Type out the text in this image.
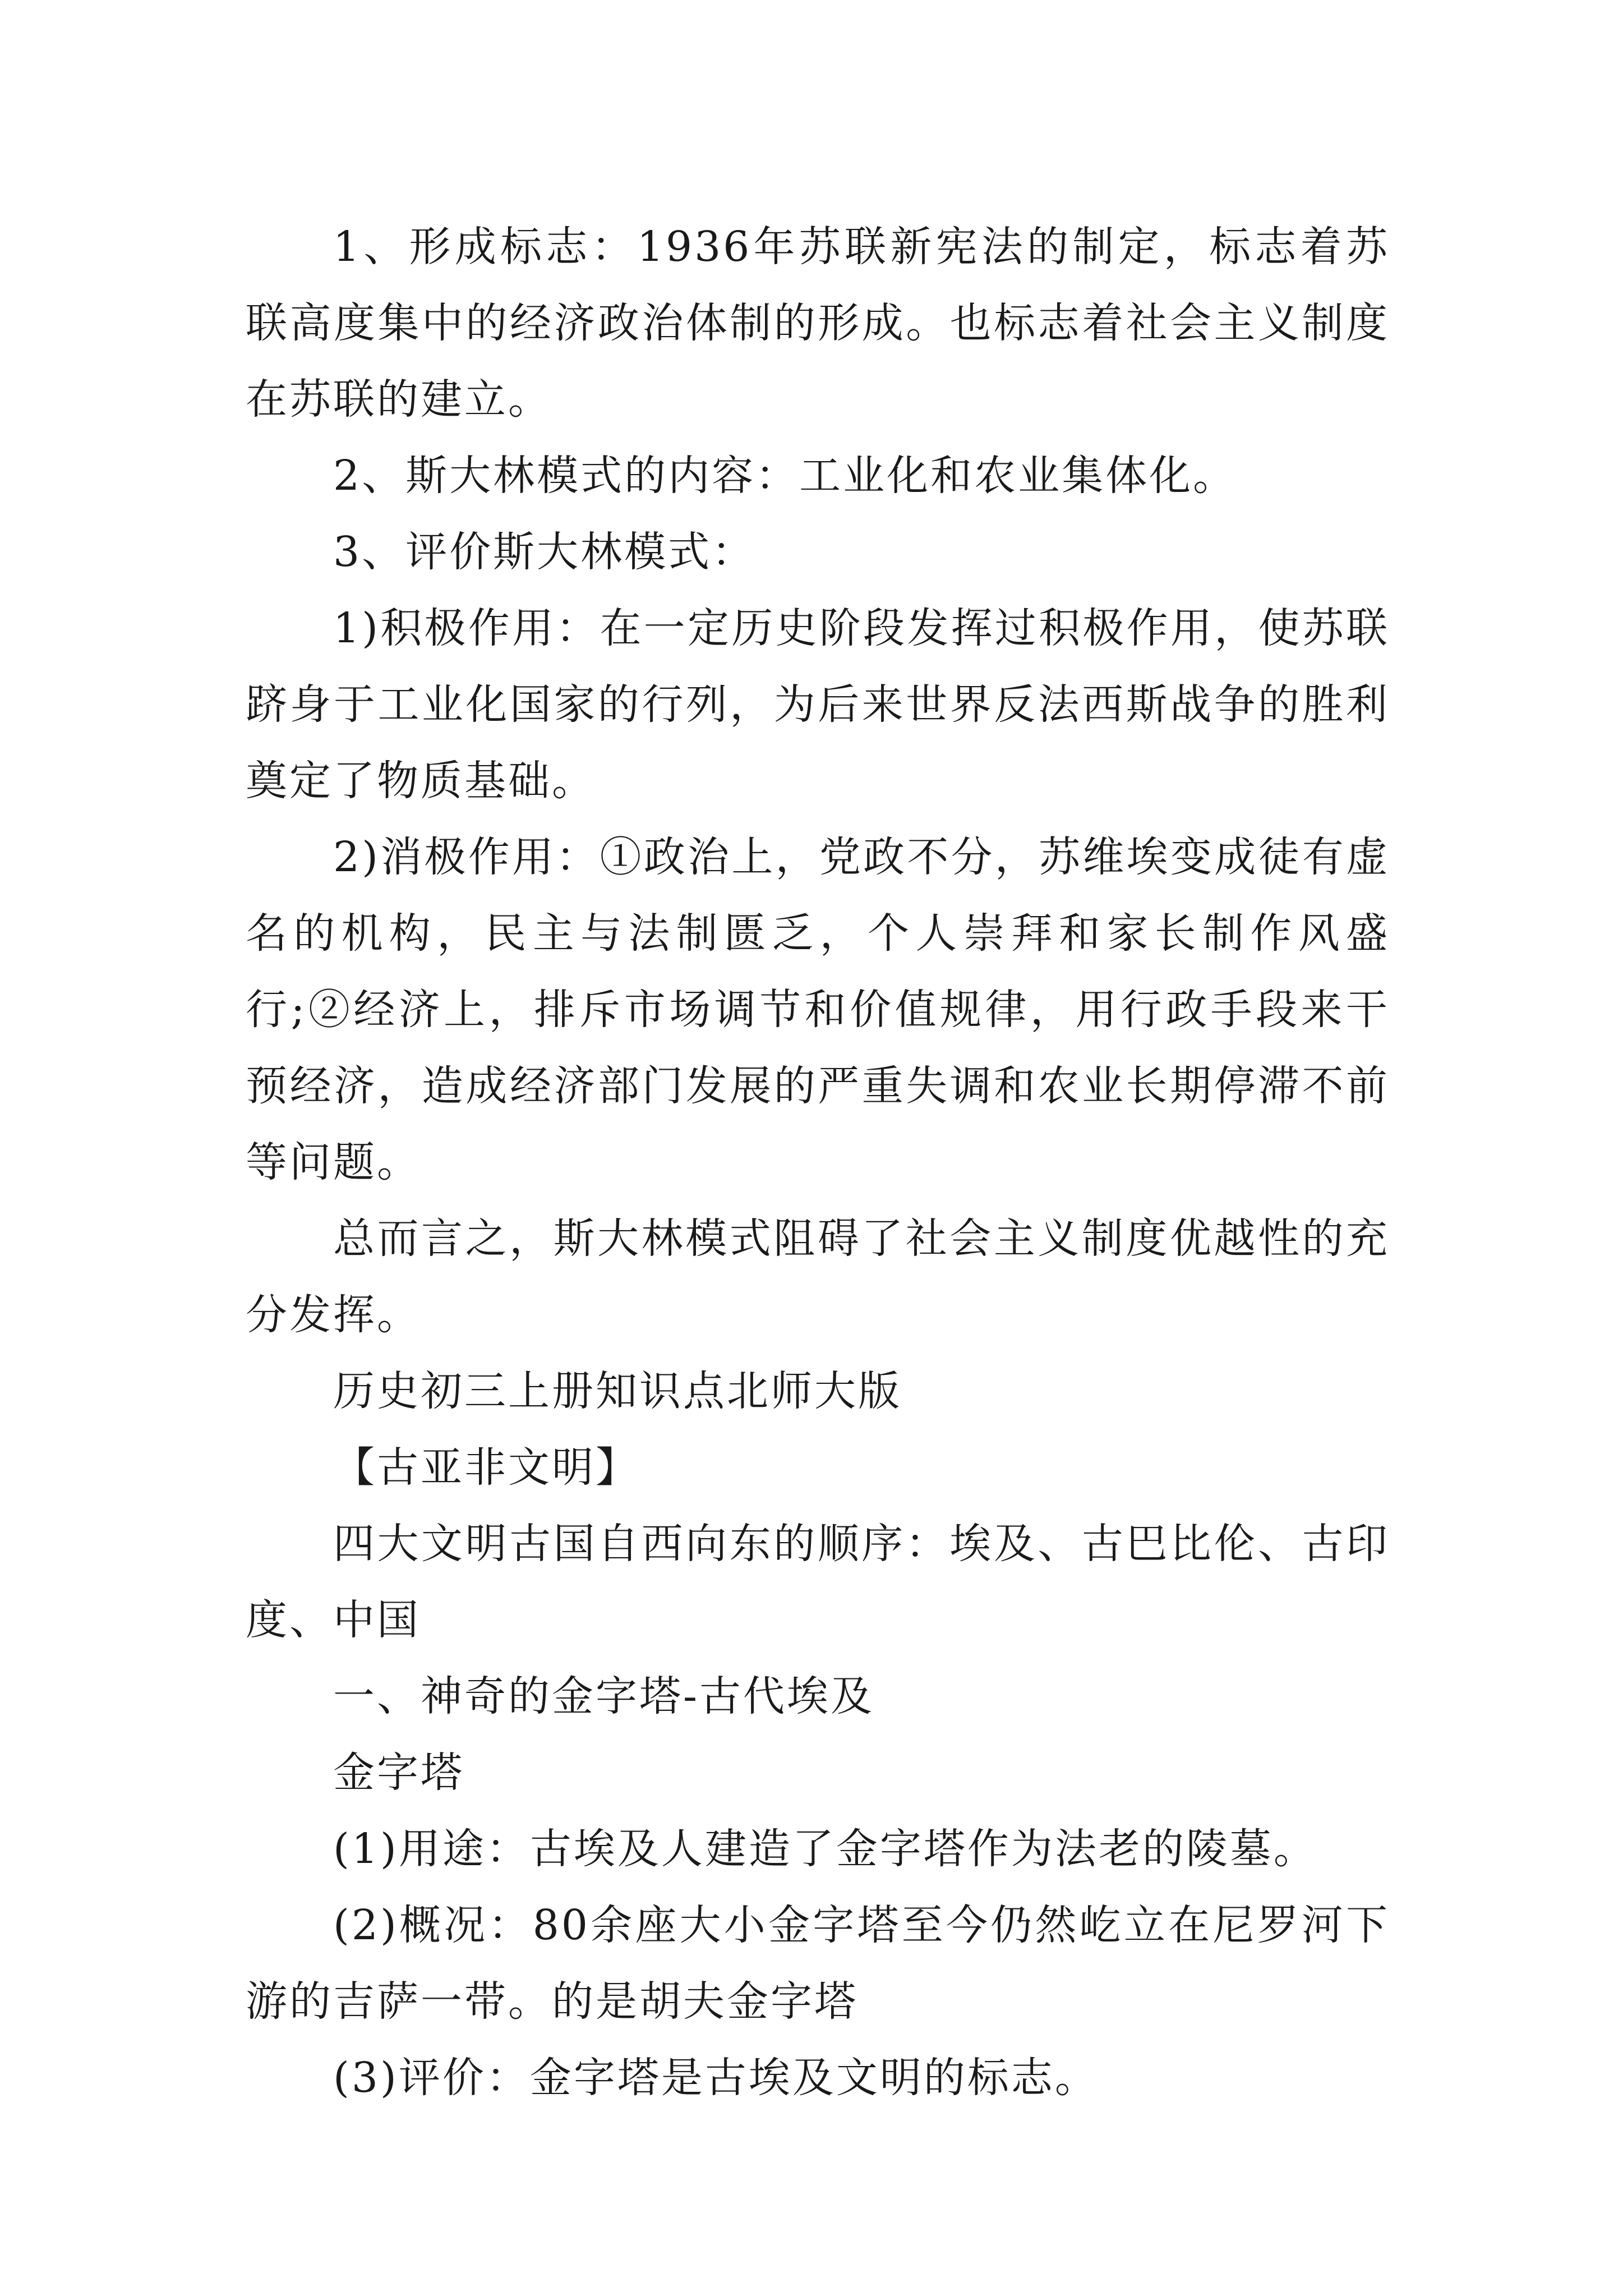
1、形成标志：1936年苏联新宪法的制定，标志着苏联高度集中的经济政治体制的形成。也标志着社会主义制度在苏联的建立。

2、斯大林模式的内容：工业化和农业集体化。

3、评价斯大林模式：

1)积极作用：在一定历史阶段发挥过积极作用，使苏联跻身于工业化国家的行列，为后来世界反法西斯战争的胜利奠定了物质基础。

2)消极作用：①政治上，党政不分，苏维埃变成徒有虚名的机构，民主与法制匮乏，个人崇拜和家长制作风盛行;②经济上，排斥市场调节和价值规律，用行政手段来干预经济，造成经济部门发展的严重失调和农业长期停滞不前等问题。

总而言之，斯大林模式阻碍了社会主义制度优越性的充分发挥。

历史初三上册知识点北师大版

【古亚非文明】

四大文明古国自西向东的顺序：埃及、古巴比伦、古印度、中国

一、神奇的金字塔-古代埃及

金字塔

(1)用途：古埃及人建造了金字塔作为法老的陵墓。

(2)概况：80余座大小金字塔至今仍然屹立在尼罗河下游的吉萨一带。的是胡夫金字塔

(3)评价：金字塔是古埃及文明的标志。
